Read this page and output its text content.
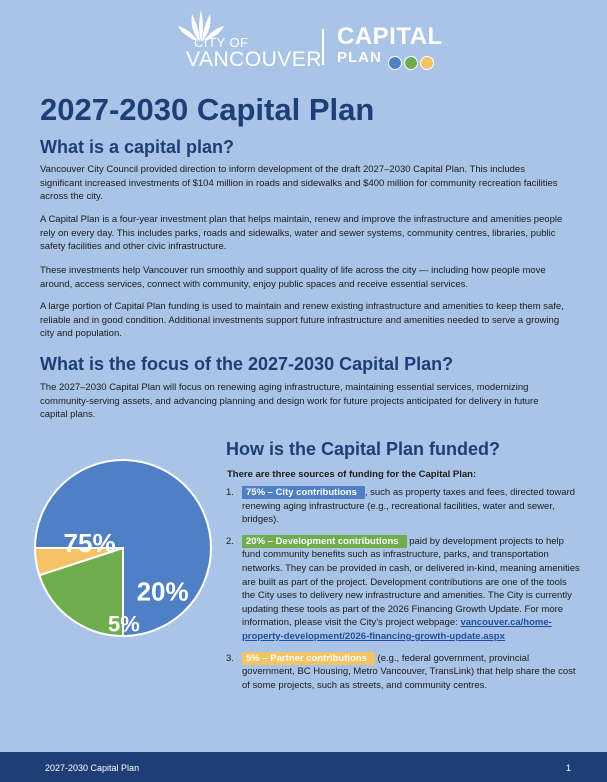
CITY OF
VANCOUVER
CAPITAL
PLAN
2027-2030 Capital Plan
What is a capital plan?

Vancouver City Council provided direction to inform development of the draft 2027–2030 Capital Plan. This includes significant increased investments of $104 million in roads and sidewalks and $400 million for community recreation facilities across the city.

A Capital Plan is a four-year investment plan that helps maintain, renew and improve the infrastructure and amenities people rely on every day. This includes parks, roads and sidewalks, water and sewer systems, community centres, libraries, public safety facilities and other civic infrastructure.

These investments help Vancouver run smoothly and support quality of life across the city — including how people move around, access services, connect with community, enjoy public spaces and receive essential services.

A large portion of Capital Plan funding is used to maintain and renew existing infrastructure and amenities to keep them safe, reliable and in good condition. Additional investments support future infrastructure and amenities needed to serve a growing city and population.

What is the focus of the 2027-2030 Capital Plan?

The 2027–2030 Capital Plan will focus on renewing aging infrastructure, maintaining essential services, modernizing community-serving assets, and advancing planning and design work for future projects anticipated for delivery in future capital plans.

75%
20%
5%
How is the Capital Plan funded?

There are three sources of funding for the Capital Plan:

1. 75% – City contributions , such as property taxes and fees, directed toward renewing aging infrastructure (e.g., recreational facilities, water and sewer, bridges).
2. 20% – Development contributions paid by development projects to help fund community benefits such as infrastructure, parks, and transportation networks. They can be provided in cash, or delivered in-kind, meaning amenities are built as part of the project. Development contributions are one of the tools the City uses to delivery new infrastructure and amenities. The City is currently updating these tools as part of the 2026 Financing Growth Update. For more information, please visit the City’s project webpage: vancouver.ca/home-property-development/2026-financing-growth-update.aspx
3. 5% – Partner contributions (e.g., federal government, provincial government, BC Housing, Metro Vancouver, TransLink) that help share the cost of some projects, such as streets, and community centres.
2027-2030 Capital Plan	1
